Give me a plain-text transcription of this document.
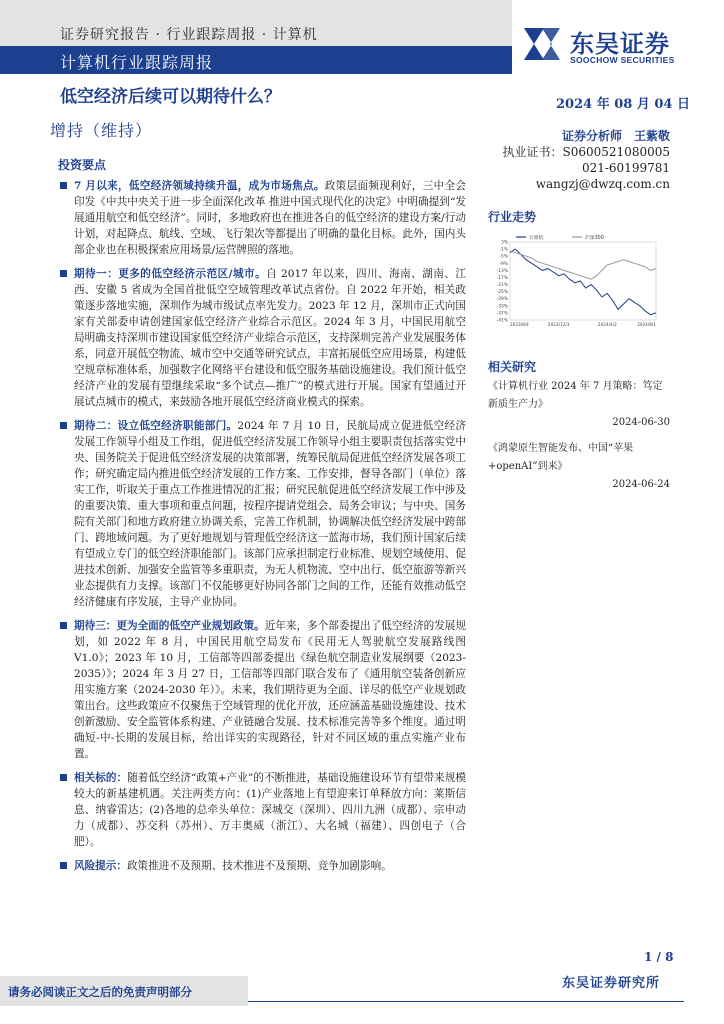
证券研究报告 · 行业跟踪周报 · 计算机
计算机行业跟踪周报
东吴证券
SOOCHOW SECURITIES
低空经济后续可以期待什么？	2024 年 08 月 04 日
增持（维持）	证券分析师　王紫敬
执业证书：S0600521080005
021-60199781
wangzj@dwzq.com.cn
投资要点
7 月以来，低空经济领域持续升温，成为市场焦点。政策层面频现利好，三中全会印发《中共中央关于进一步全面深化改革 推进中国式现代化的决定》中明确提到“发展通用航空和低空经济”。同时，多地政府也在推进各自的低空经济的建设方案/行动计划，对起降点、航线、空域、飞行架次等都提出了明确的量化目标。此外，国内头部企业也在积极探索应用场景/运营牌照的落地。
期待一：更多的低空经济示范区/城市。自 2017 年以来，四川、海南、湖南、江西、安徽 5 省成为全国首批低空空域管理改革试点省份。自 2022 年开始，相关政策逐步落地实施，深圳作为城市级试点率先发力。2023 年 12 月，深圳市正式向国家有关部委申请创建国家低空经济产业综合示范区。2024 年 3 月，中国民用航空局明确支持深圳市建设国家低空经济产业综合示范区，支持深圳完善产业发展服务体系，同意开展低空物流、城市空中交通等研究试点，丰富拓展低空应用场景，构建低空规章标准体系，加强数字化网络平台建设和低空服务基础设施建设。我们预计低空经济产业的发展有望继续采取“多个试点—推广”的模式进行开展。国家有望通过开展试点城市的模式，来鼓励各地开展低空经济商业模式的探索。
期待二：设立低空经济职能部门。2024 年 7 月 10 日，民航局成立促进低空经济发展工作领导小组及工作组，促进低空经济发展工作领导小组主要职责包括落实党中央、国务院关于促进低空经济发展的决策部署，统筹民航局促进低空经济发展各项工作；研究确定局内推进低空经济发展的工作方案、工作安排，督导各部门（单位）落实工作，听取关于重点工作推进情况的汇报；研究民航促进低空经济发展工作中涉及的重要决策、重大事项和重点问题，按程序提请党组会、局务会审议；与中央、国务院有关部门和地方政府建立协调关系，完善工作机制，协调解决低空经济发展中跨部门、跨地域问题。为了更好地规划与管理低空经济这一蓝海市场，我们预计国家后续有望成立专门的低空经济职能部门。该部门应承担制定行业标准、规划空域使用、促进技术创新、加强安全监管等多重职责，为无人机物流、空中出行、低空旅游等新兴业态提供有力支撑。该部门不仅能够更好协同各部门之间的工作，还能有效推动低空经济健康有序发展，主导产业协同。
期待三：更为全面的低空产业规划政策。近年来，多个部委提出了低空经济的发展规划，如 2022 年 8 月，中国民用航空局发布《民用无人驾驶航空发展路线图 V1.0》；2023 年 10 月，工信部等四部委提出《绿色航空制造业发展纲要（2023-2035）》；2024 年 3 月 27 日，工信部等四部门联合发布了《通用航空装备创新应用实施方案（2024-2030 年）》。未来，我们期待更为全面、详尽的低空产业规划政策出台。这些政策应不仅聚焦于空域管理的优化开放，还应涵盖基础设施建设、技术创新激励、安全监管体系构建、产业链融合发展、技术标准完善等多个维度。通过明确短-中-长期的发展目标，给出详实的实现路径，针对不同区域的重点实施产业布置。
相关标的：随着低空经济“政策+产业”的不断推进，基础设施建设环节有望带来规模较大的新基建机遇。关注两类方向：(1)产业落地上有望迎来订单释放方向：莱斯信息、纳睿雷达；(2)各地的总牵头单位：深城交（深圳）、四川九洲（成都）、宗申动力（成都）、苏交科（苏州）、万丰奥威（浙江）、大名城（福建）、四创电子（合肥）。
风险提示：政策推进不及预期、技术推进不及预期、竞争加剧影响。
行业走势
3%
-1%
-5%
-9%
-13%
-17%
-21%
-25%
-29%
-33%
-37%
-41%
2023/8/4	2023/12/3	2024/4/2	2024/8/1
计算机	沪深300
相关研究
《计算机行业 2024 年 7 月策略：笃定新质生产力》
2024-06-30
《鸿蒙原生智能发布、中国“苹果+openAI”到来》
2024-06-24
1 / 8
东吴证券研究所
请务必阅读正文之后的免责声明部分
